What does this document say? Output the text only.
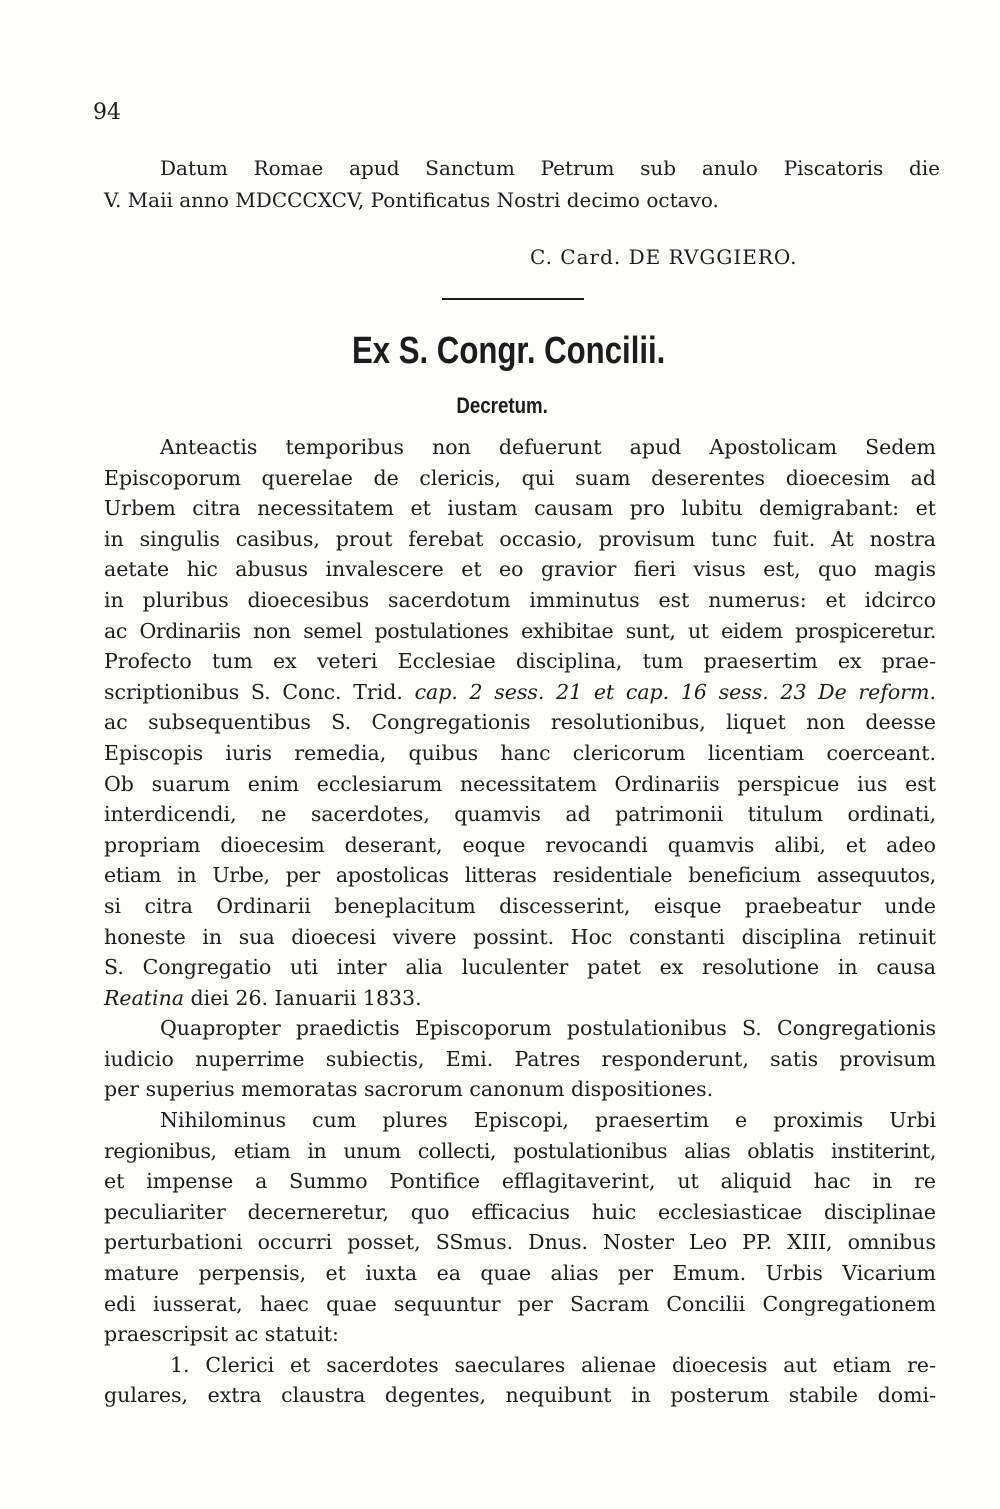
94
Datum Romae apud Sanctum Petrum sub anulo Piscatoris die
V. Maii anno MDCCCXCV, Pontificatus Nostri decimo octavo.
C. Card. DE RVGGIERO.
Ex S. Congr. Concilii.
Decretum.
Anteactis temporibus non defuerunt apud Apostolicam Sedem
Episcoporum querelae de clericis, qui suam deserentes dioecesim ad
Urbem citra necessitatem et iustam causam pro lubitu demigrabant: et
in singulis casibus, prout ferebat occasio, provisum tunc fuit. At nostra
aetate hic abusus invalescere et eo gravior fieri visus est, quo magis
in pluribus dioecesibus sacerdotum imminutus est numerus: et idcirco
ac Ordinariis non semel postulationes exhibitae sunt, ut eidem prospiceretur.
Profecto tum ex veteri Ecclesiae disciplina, tum praesertim ex prae-
scriptionibus S. Conc. Trid. cap. 2 sess. 21 et cap. 16 sess. 23 De reform.
ac subsequentibus S. Congregationis resolutionibus, liquet non deesse
Episcopis iuris remedia, quibus hanc clericorum licentiam coerceant.
Ob suarum enim ecclesiarum necessitatem Ordinariis perspicue ius est
interdicendi, ne sacerdotes, quamvis ad patrimonii titulum ordinati,
propriam dioecesim deserant, eoque revocandi quamvis alibi, et adeo
etiam in Urbe, per apostolicas litteras residentiale beneficium assequutos,
si citra Ordinarii beneplacitum discesserint, eisque praebeatur unde
honeste in sua dioecesi vivere possint. Hoc constanti disciplina retinuit
S. Congregatio uti inter alia luculenter patet ex resolutione in causa
Reatina diei 26. Ianuarii 1833.
Quapropter praedictis Episcoporum postulationibus S. Congregationis
iudicio nuperrime subiectis, Emi. Patres responderunt, satis provisum
per superius memoratas sacrorum canonum dispositiones.
Nihilominus cum plures Episcopi, praesertim e proximis Urbi
regionibus, etiam in unum collecti, postulationibus alias oblatis institerint,
et impense a Summo Pontifice efflagitaverint, ut aliquid hac in re
peculiariter decerneretur, quo efficacius huic ecclesiasticae disciplinae
perturbationi occurri posset, SSmus. Dnus. Noster Leo PP. XIII, omnibus
mature perpensis, et iuxta ea quae alias per Emum. Urbis Vicarium
edi iusserat, haec quae sequuntur per Sacram Concilii Congregationem
praescripsit ac statuit:
1. Clerici et sacerdotes saeculares alienae dioecesis aut etiam re-
gulares, extra claustra degentes, nequibunt in posterum stabile domi-
